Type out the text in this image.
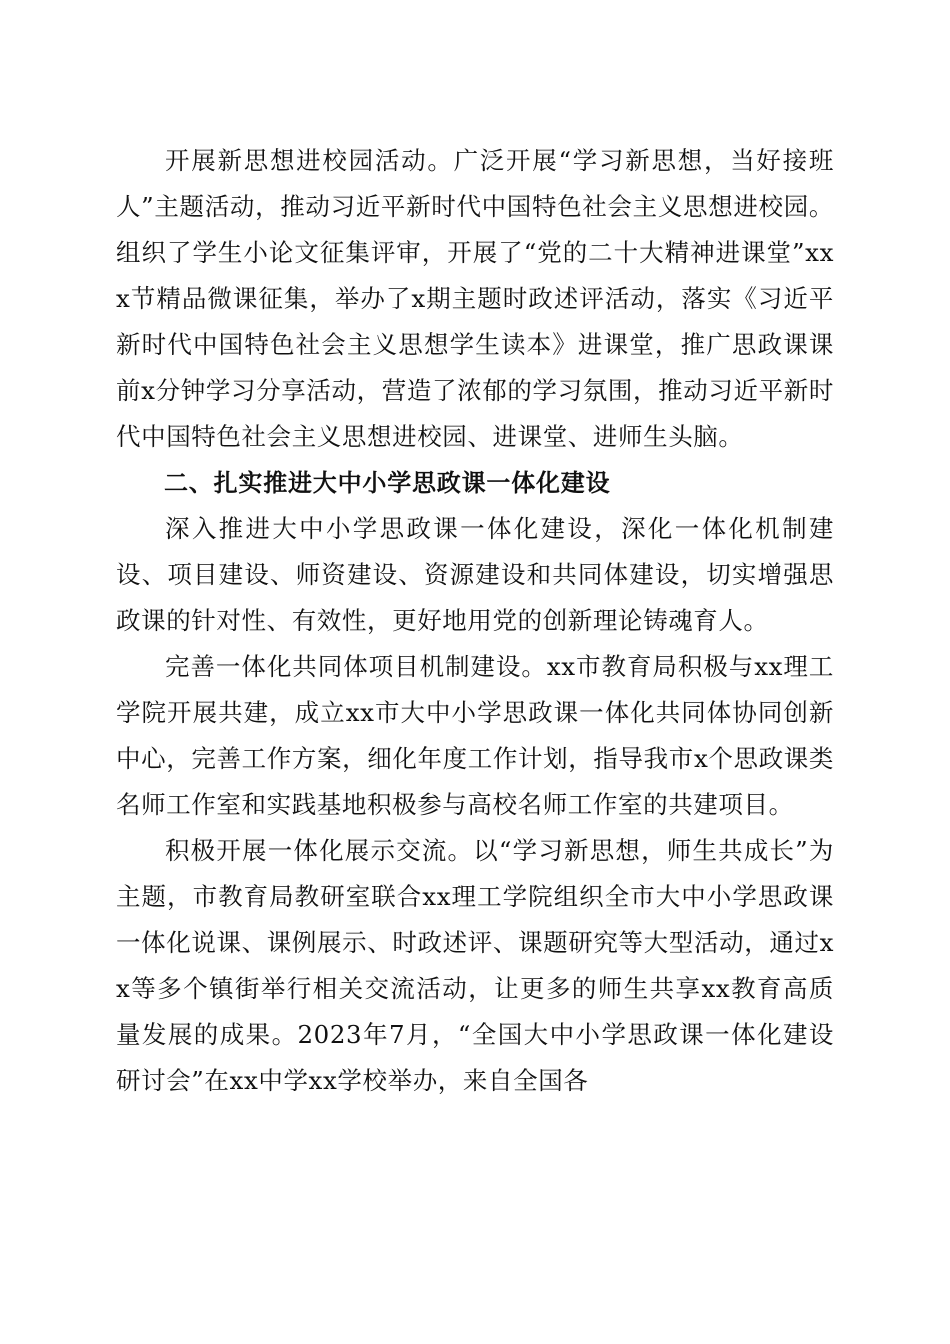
开展新思想进校园活动。广泛开展“学习新思想，当好接班人”主题活动，推动习近平新时代中国特色社会主义思想进校园。组织了学生小论文征集评审，开展了“党的二十大精神进课堂”xxx节精品微课征集，举办了x期主题时政述评活动，落实《习近平新时代中国特色社会主义思想学生读本》进课堂，推广思政课课前x分钟学习分享活动，营造了浓郁的学习氛围，推动习近平新时代中国特色社会主义思想进校园、进课堂、进师生头脑。

二、扎实推进大中小学思政课一体化建设

深入推进大中小学思政课一体化建设，深化一体化机制建设、项目建设、师资建设、资源建设和共同体建设，切实增强思政课的针对性、有效性，更好地用党的创新理论铸魂育人。

完善一体化共同体项目机制建设。xx市教育局积极与xx理工学院开展共建，成立xx市大中小学思政课一体化共同体协同创新中心，完善工作方案，细化年度工作计划，指导我市x个思政课类名师工作室和实践基地积极参与高校名师工作室的共建项目。

积极开展一体化展示交流。以“学习新思想，师生共成长”为主题，市教育局教研室联合xx理工学院组织全市大中小学思政课一体化说课、课例展示、时政述评、课题研究等大型活动，通过xx等多个镇街举行相关交流活动，让更多的师生共享xx教育高质量发展的成果。2023年7月，“全国大中小学思政课一体化建设研讨会”在xx中学xx学校举办，来自全国各
